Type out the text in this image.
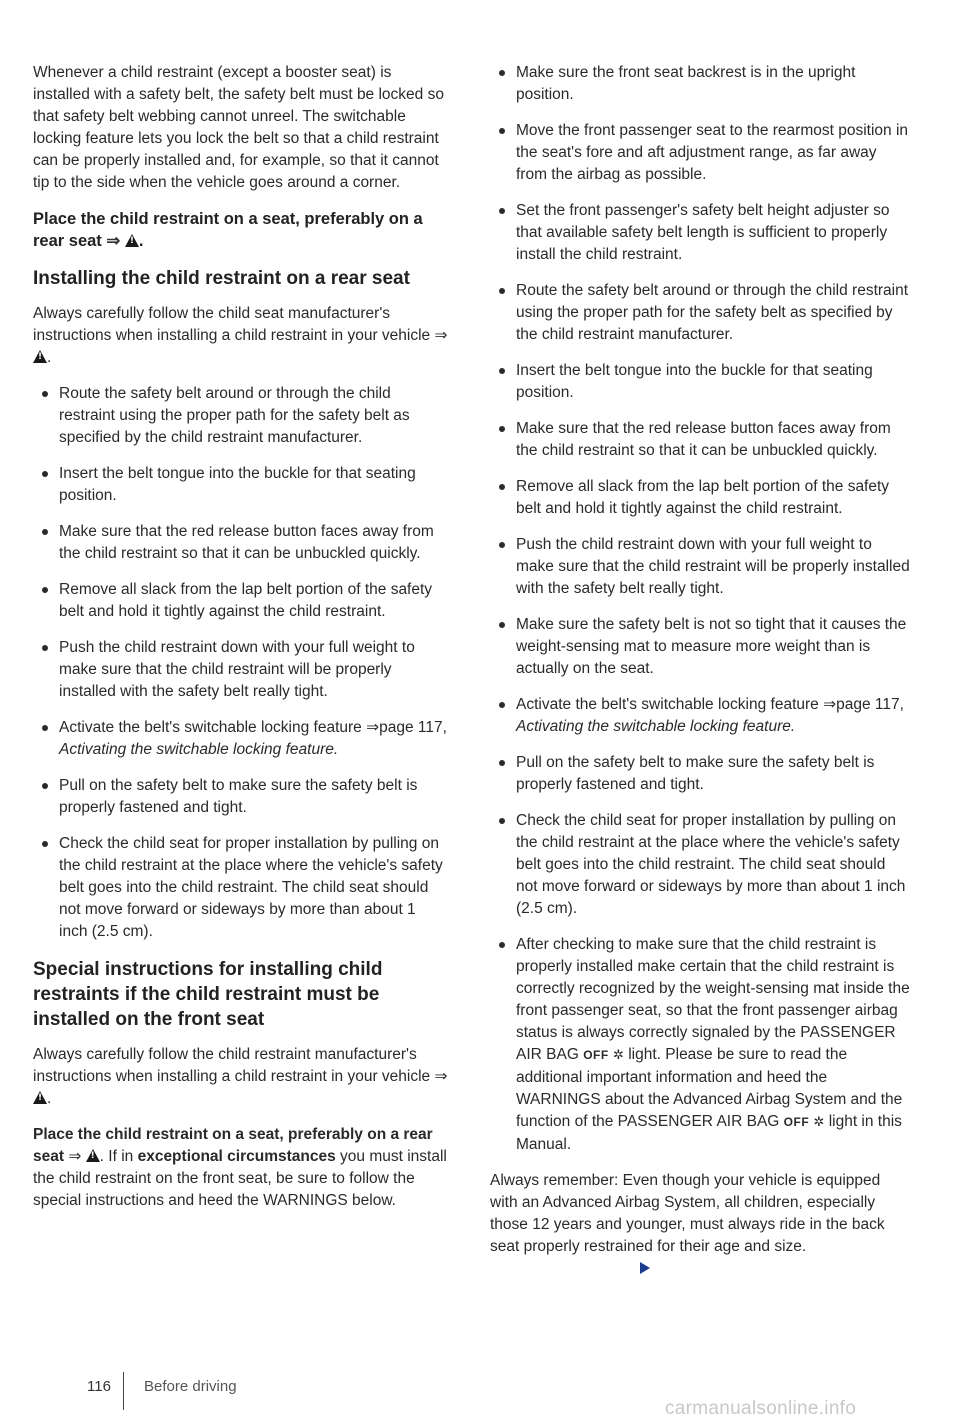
Whenever a child restraint (except a booster seat) is installed with a safety belt, the safety belt must be locked so that safety belt webbing cannot unreel. The switchable locking feature lets you lock the belt so that a child restraint can be properly installed and, for example, so that it cannot tip to the side when the vehicle goes around a corner.

Place the child restraint on a seat, preferably on a rear seat ⇒ ! .
Installing the child restraint on a rear seat

Always carefully follow the child seat manufacturer's instructions when installing a child restraint in your vehicle ⇒ !.

Route the safety belt around or through the child restraint using the proper path for the safety belt as specified by the child restraint manufacturer.
Insert the belt tongue into the buckle for that seating position.
Make sure that the red release button faces away from the child restraint so that it can be unbuckled quickly.
Remove all slack from the lap belt portion of the safety belt and hold it tightly against the child restraint.
Push the child restraint down with your full weight to make sure that the child restraint will be properly installed with the safety belt really tight.
Activate the belt's switchable locking feature ⇒page 117, Activating the switchable locking feature.
Pull on the safety belt to make sure the safety belt is properly fastened and tight.
Check the child seat for proper installation by pulling on the child restraint at the place where the vehicle's safety belt goes into the child restraint. The child seat should not move forward or sideways by more than about 1 inch (2.5 cm).
Special instructions for installing child restraints if the child restraint must be installed on the front seat

Always carefully follow the child restraint manufacturer's instructions when installing a child restraint in your vehicle ⇒ !.

Place the child restraint on a seat, preferably on a rear seat ⇒ ! . If in exceptional circumstances you must install the child restraint on the front seat, be sure to follow the special instructions and heed the WARNINGS below.

Make sure the front seat backrest is in the upright position.
Move the front passenger seat to the rearmost position in the seat's fore and aft adjustment range, as far away from the airbag as possible.
Set the front passenger's safety belt height adjuster so that available safety belt length is sufficient to properly install the child restraint.
Route the safety belt around or through the child restraint using the proper path for the safety belt as specified by the child restraint manufacturer.
Insert the belt tongue into the buckle for that seating position.
Make sure that the red release button faces away from the child restraint so that it can be unbuckled quickly.
Remove all slack from the lap belt portion of the safety belt and hold it tightly against the child restraint.
Push the child restraint down with your full weight to make sure that the child restraint will be properly installed with the safety belt really tight.
Make sure the safety belt is not so tight that it causes the weight-sensing mat to measure more weight than is actually on the seat.
Activate the belt's switchable locking feature ⇒page 117, Activating the switchable locking feature.
Pull on the safety belt to make sure the safety belt is properly fastened and tight.
Check the child seat for proper installation by pulling on the child restraint at the place where the vehicle's safety belt goes into the child restraint. The child seat should not move forward or sideways by more than about 1 inch (2.5 cm).
After checking to make sure that the child restraint is properly installed make certain that the child restraint is correctly recognized by the weight-sensing mat inside the front passenger seat, so that the front passenger airbag status is always correctly signaled by the PASSENGER AIR BAG OFF ✲ light. Please be sure to read the additional important information and heed the WARNINGS about the Advanced Airbag System and the function of the PASSENGER AIR BAG OFF ✲ light in this Manual.

Always remember: Even though your vehicle is equipped with an Advanced Airbag System, all children, especially those 12 years and younger, must always ride in the back seat properly restrained for their age and size.

116 Before driving
carmanualsonline.info
